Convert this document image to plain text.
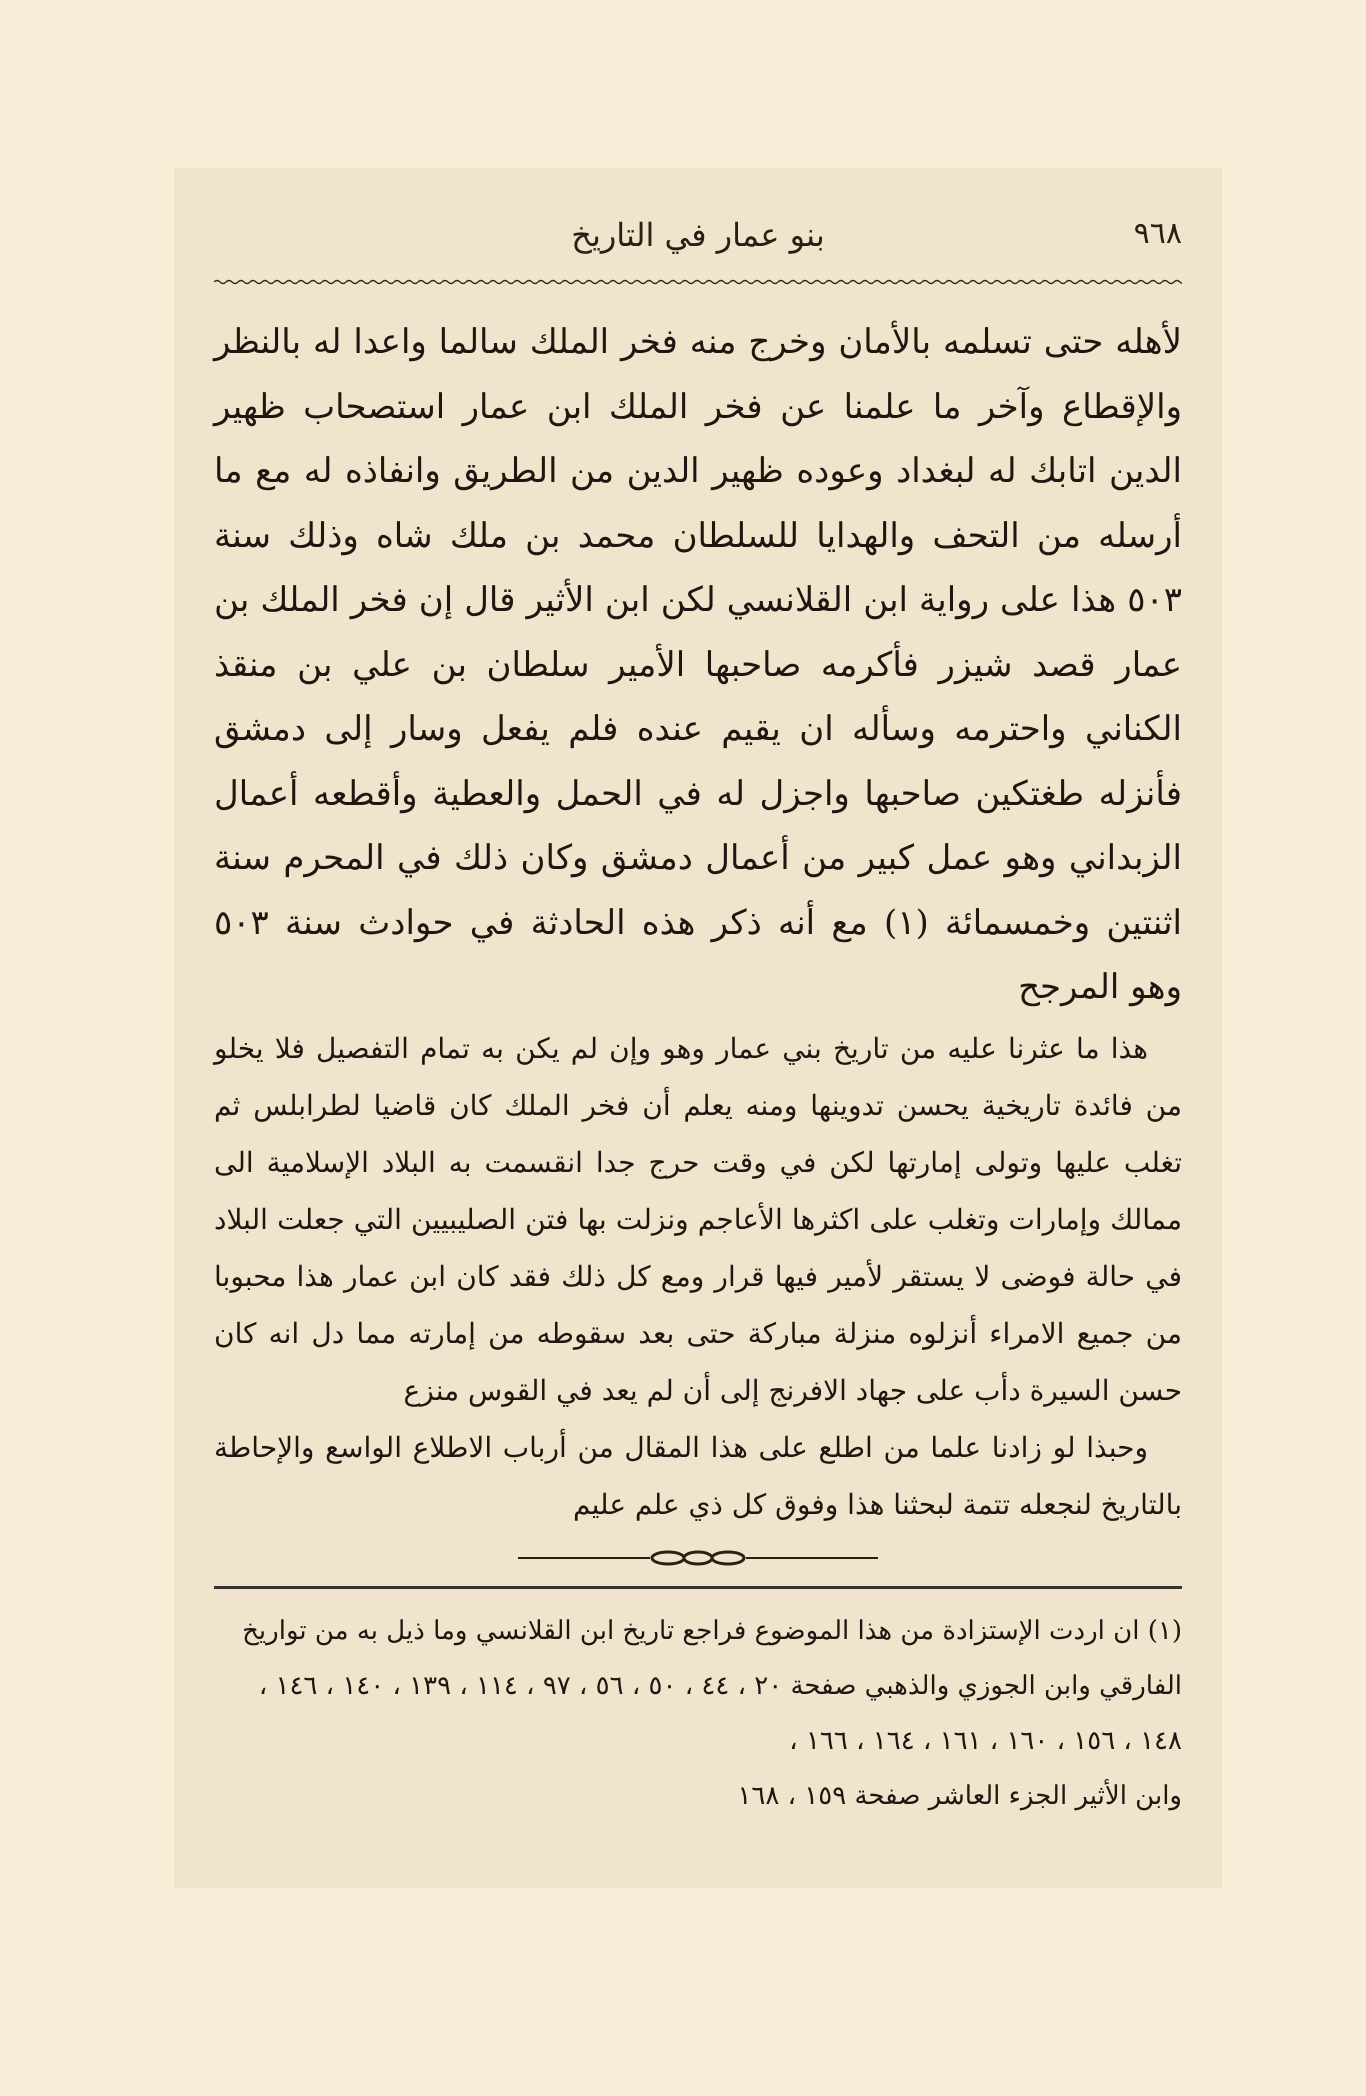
٩٦٨
بنو عمار في التاريخ

لأهله حتى تسلمه بالأمان وخرج منه فخر الملك سالما واعدا له بالنظر والإقطاع وآخر ما علمنا عن فخر الملك ابن عمار استصحاب ظهير الدين اتابك له لبغداد وعوده ظهير الدين من الطريق وانفاذه له مع ما أرسله من التحف والهدايا للسلطان محمد بن ملك شاه وذلك سنة ٥٠٣ هذا على رواية ابن القلانسي لكن ابن الأثير قال إن فخر الملك بن عمار قصد شيزر فأكرمه صاحبها الأمير سلطان بن علي بن منقذ الكناني واحترمه وسأله ان يقيم عنده فلم يفعل وسار إلى دمشق فأنزله طغتكين صاحبها واجزل له في الحمل والعطية وأقطعه أعمال الزبداني وهو عمل كبير من أعمال دمشق وكان ذلك في المحرم سنة اثنتين وخمسمائة (١) مع أنه ذكر هذه الحادثة في حوادث سنة ٥٠٣ وهو المرجح

هذا ما عثرنا عليه من تاريخ بني عمار وهو وإن لم يكن به تمام التفصيل فلا يخلو من فائدة تاريخية يحسن تدوينها ومنه يعلم أن فخر الملك كان قاضيا لطرابلس ثم تغلب عليها وتولى إمارتها لكن في وقت حرج جدا انقسمت به البلاد الإسلامية الى ممالك وإمارات وتغلب على اكثرها الأعاجم ونزلت بها فتن الصليبيين التي جعلت البلاد في حالة فوضى لا يستقر لأمير فيها قرار ومع كل ذلك فقد كان ابن عمار هذا محبوبا من جميع الامراء أنزلوه منزلة مباركة حتى بعد سقوطه من إمارته مما دل انه كان حسن السيرة دأب على جهاد الافرنج إلى أن لم يعد في القوس منزع

وحبذا لو زادنا علما من اطلع على هذا المقال من أرباب الاطلاع الواسع والإحاطة بالتاريخ لنجعله تتمة لبحثنا هذا وفوق كل ذي علم عليم

(١) ان اردت الإستزادة من هذا الموضوع فراجع تاريخ ابن القلانسي وما ذيل به من تواريخ الفارقي وابن الجوزي والذهبي صفحة ٢٠ ، ٤٤ ، ٥٠ ، ٥٦ ، ٩٧ ، ١١٤ ، ١٣٩ ، ١٤٠ ، ١٤٦ ، ١٤٨ ، ١٥٦ ، ١٦٠ ، ١٦١ ، ١٦٤ ، ١٦٦ ،

وابن الأثير الجزء العاشر صفحة ١٥٩ ، ١٦٨
